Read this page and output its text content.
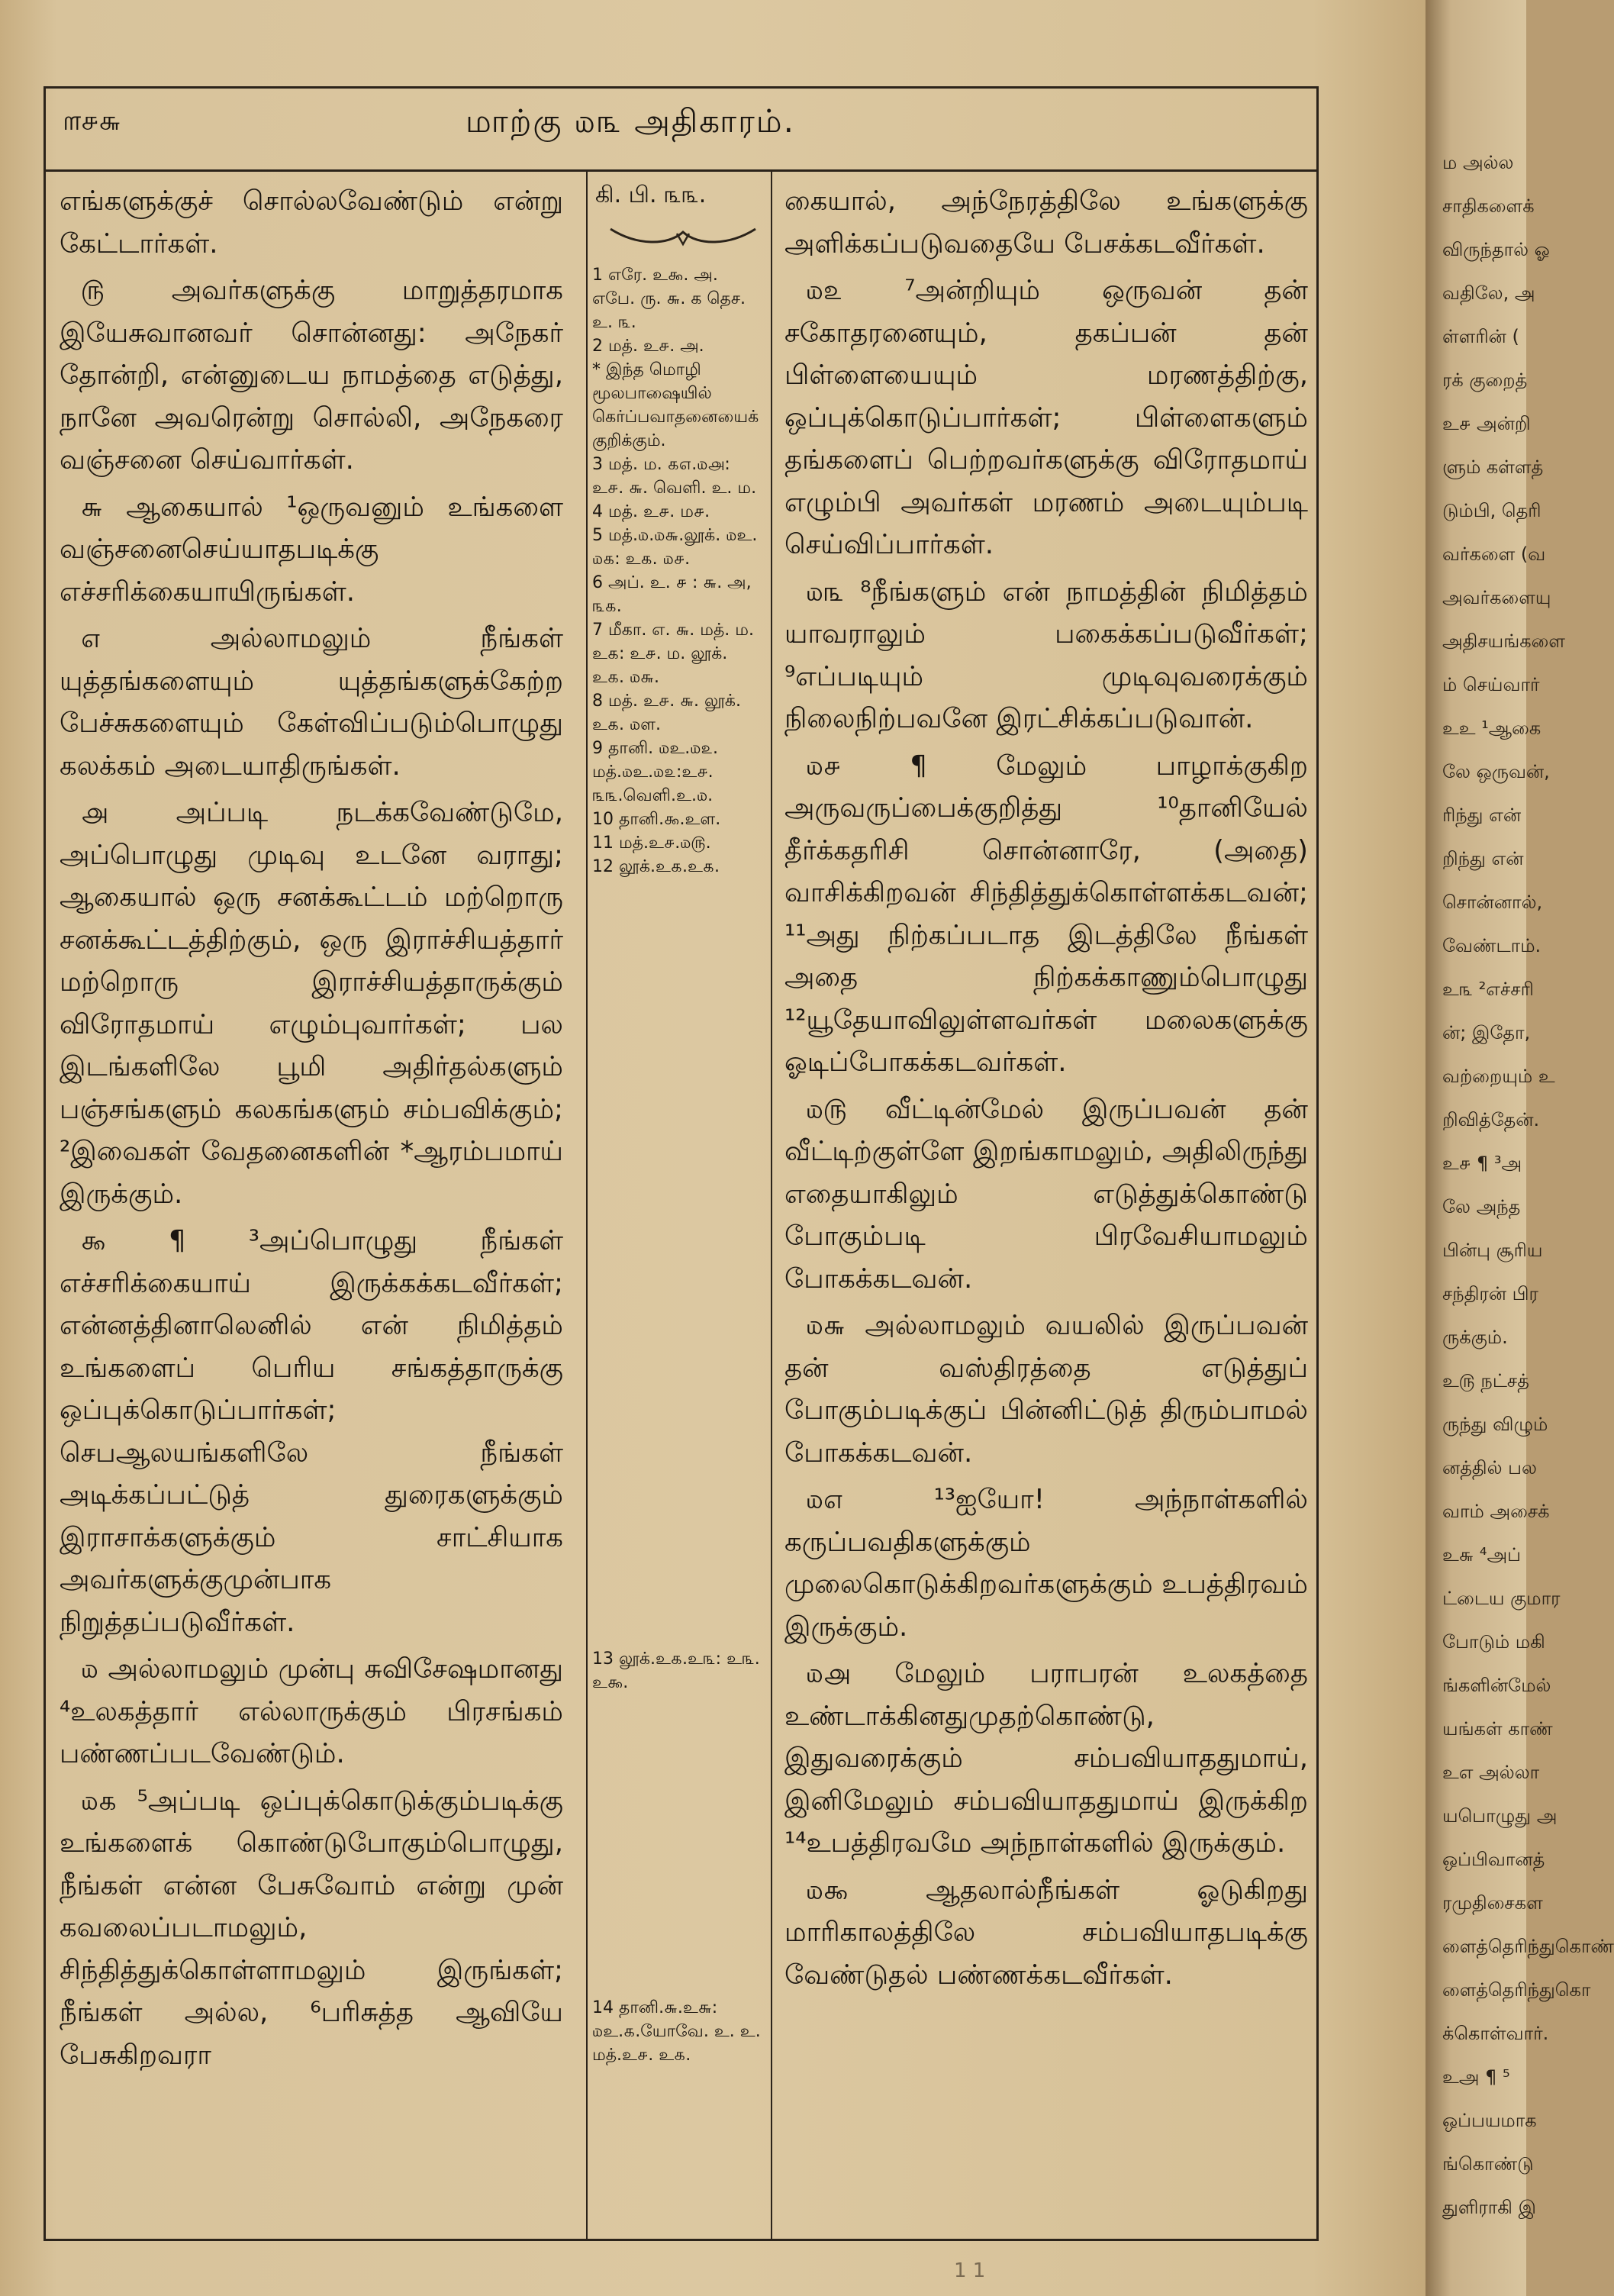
௱௪௬	மாற்கு ௰௩ அதிகாரம்.

எங்களுக்குச் சொல்லவேண்டும் என்று கேட்டார்கள்.

௫ அவர்களுக்கு மாறுத்தரமாக இயேசுவானவர் சொன்னது: அநேகர் தோன்றி, என்னுடைய நாமத்தை எடுத்து, நானே அவரென்று சொல்லி, அநேகரை வஞ்சனை செய்வார்கள்.

௬ ஆகையால் ¹ஒருவனும் உங்களை வஞ்சனைசெய்யாதபடிக்கு எச்சரிக்கையாயிருங்கள்.

௭ அல்லாமலும் நீங்கள் யுத்தங்களையும் யுத்தங்களுக்கேற்ற பேச்சுகளையும் கேள்விப்படும்பொழுது கலக்கம் அடையாதிருங்கள்.

௮ அப்படி நடக்கவேண்டுமே, அப்பொழுது முடிவு உடனே வராது; ஆகையால் ஒரு சனக்கூட்டம் மற்றொரு சனக்கூட்டத்திற்கும், ஒரு இராச்சியத்தார் மற்றொரு இராச்சியத்தாருக்கும் விரோதமாய் எழும்புவார்கள்; பல இடங்களிலே பூமி அதிர்தல்களும் பஞ்சங்களும் கலகங்களும் சம்பவிக்கும்; ²இவைகள் வேதனைகளின் *ஆரம்பமாய் இருக்கும்.

௯ ¶ ³அப்பொழுது நீங்கள் எச்சரிக்கையாய் இருக்கக்கடவீர்கள்; என்னத்தினாலெனில் என் நிமித்தம் உங்களைப் பெரிய சங்கத்தாருக்கு ஒப்புக்கொடுப்பார்கள்; செபஆலயங்களிலே நீங்கள் அடிக்கப்பட்டுத் துரைகளுக்கும் இராசாக்களுக்கும் சாட்சியாக அவர்களுக்குமுன்பாக நிறுத்தப்படுவீர்கள்.

௰ அல்லாமலும் முன்பு சுவிசேஷமானது ⁴உலகத்தார் எல்லாருக்கும் பிரசங்கம் பண்ணப்படவேண்டும்.

௰௧ ⁵அப்படி ஒப்புக்கொடுக்கும்படிக்கு உங்களைக் கொண்டுபோகும்பொழுது, நீங்கள் என்ன பேசுவோம் என்று முன் கவலைப்படாமலும், சிந்தித்துக்கொள்ளாமலும் இருங்கள்; நீங்கள் அல்ல, ⁶பரிசுத்த ஆவியே பேசுகிறவரா

கி. பி. ௩௩.
1 எரே. உ௯. அ. எபே. ரு. ௬. க தெச. உ. ௩.
2 மத். உ௪. அ.
* இந்த மொழி மூலபாஷையில் கெர்ப்பவாதனையைக் குறிக்கும்.
3 மத். ம. ௧௭.௰௮: உ௪. ௬. வெளி. உ. ம.
4 மத். உ௪. ம௪.
5 மத்.௰.௰௬.லூக். ௰உ. ௰௧: உ௧. ௰௪.
6 அப். உ. ௪ : ௬. அ, ௩௧.
7 மீகா. எ. ௬. மத். ம. உ௧: உ௪. ம. லூக். உ௧. ௰௬.
8 மத். உ௪. ௬. லூக். உ௧. ௰ள.
9 தானி. ௰உ.௰௨.
மத்.௰உ.௰௨:உ௪. ௩௩.வெளி.உ.௰.
10 தானி.௯.உள.
11 மத்.உ௪.௰௫.
12 லூக்.உ௧.உ௧.
13 லூக்.உ௧.உ௩: உ௩. உ௯.
14 தானி.௬.உ௬: ௰உ.௧.யோவே. உ. உ. மத்.உ௪. உ௧.

கையால், அந்நேரத்திலே உங்களுக்கு அளிக்கப்படுவதையே பேசக்கடவீர்கள்.

௰௨ ⁷அன்றியும் ஒருவன் தன் சகோதரனையும், தகப்பன் தன் பிள்ளையையும் மரணத்திற்கு, ஒப்புக்கொடுப்பார்கள்; பிள்ளைகளும் தங்களைப் பெற்றவர்களுக்கு விரோதமாய் எழும்பி அவர்கள் மரணம் அடையும்படி செய்விப்பார்கள்.

௰௩ ⁸நீங்களும் என் நாமத்தின் நிமித்தம் யாவராலும் பகைக்கப்படுவீர்கள்; ⁹எப்படியும் முடிவுவரைக்கும் நிலைநிற்பவனே இரட்சிக்கப்படுவான்.

௰௪ ¶ மேலும் பாழாக்குகிற அருவருப்பைக்குறித்து ¹⁰தானியேல் தீர்க்கதரிசி சொன்னாரே, (அதை) வாசிக்கிறவன் சிந்தித்துக்கொள்ளக்கடவன்; ¹¹அது நிற்கப்படாத இடத்திலே நீங்கள் அதை நிற்கக்காணும்பொழுது ¹²யூதேயாவிலுள்ளவர்கள் மலைகளுக்கு ஓடிப்போகக்கடவர்கள்.

௰௫ வீட்டின்மேல் இருப்பவன் தன் வீட்டிற்குள்ளே இறங்காமலும், அதிலிருந்து எதையாகிலும் எடுத்துக்கொண்டு போகும்படி பிரவேசியாமலும் போகக்கடவன்.

௰௬ அல்லாமலும் வயலில் இருப்பவன் தன் வஸ்திரத்தை எடுத்துப் போகும்படிக்குப் பின்னிட்டுத் திரும்பாமல் போகக்கடவன்.

௰௭ ¹³ஐயோ! அந்நாள்களில் கருப்பவதிகளுக்கும் முலைகொடுக்கிறவர்களுக்கும் உபத்திரவம் இருக்கும்.

௰௮ மேலும் பராபரன் உலகத்தை உண்டாக்கினதுமுதற்கொண்டு, இதுவரைக்கும் சம்பவியாததுமாய், இனிமேலும் சம்பவியாததுமாய் இருக்கிற ¹⁴உபத்திரவமே அந்நாள்களில் இருக்கும்.

௰௯ ஆதலால்நீங்கள் ஓடுகிறது மாரிகாலத்திலே சம்பவியாதபடிக்கு வேண்டுதல் பண்ணக்கடவீர்கள்.

1 1
ம அல்ல
சாதிகளைக்
விருந்தால் ஓ
வதிலே, அ
ள்ளரின் (
ரக் குறைத்
உ௪ அன்றி
ளும் கள்ளத்
டும்பி, தெரி
வர்களை (வ
அவர்களையு
அதிசயங்களை
ம் செய்வார்
உஉ ¹ஆகை
லே ஒருவன்,
ரிந்து என்
றிந்து என்
சொன்னால்,
வேண்டாம்.
உ௩ ²எச்சரி
ன்; இதோ,
வற்றையும் உ
றிவித்தேன்.
உ௪ ¶ ³அ
லே அந்த
பின்பு சூரிய
சந்திரன் பிர
ருக்கும்.
உ௫ நட்சத்
ருந்து விழும்
னத்தில் பல
வாம் அசைக்
உ௬ ⁴அப்
ட்டைய குமார
போடும் மகி
ங்களின்மேல்
யங்கள் காண்
உஎ அல்லா
யபொழுது அ
ஒப்பிவானத்
ரமுதிசைகள
ளைத்தெரிந்துகொண்
ளைத்தெரிந்துகொ
க்கொள்வார்.
உஅ ¶ ⁵
ஒப்பயமாக
ங்கொண்டு
துளிராகி இ
